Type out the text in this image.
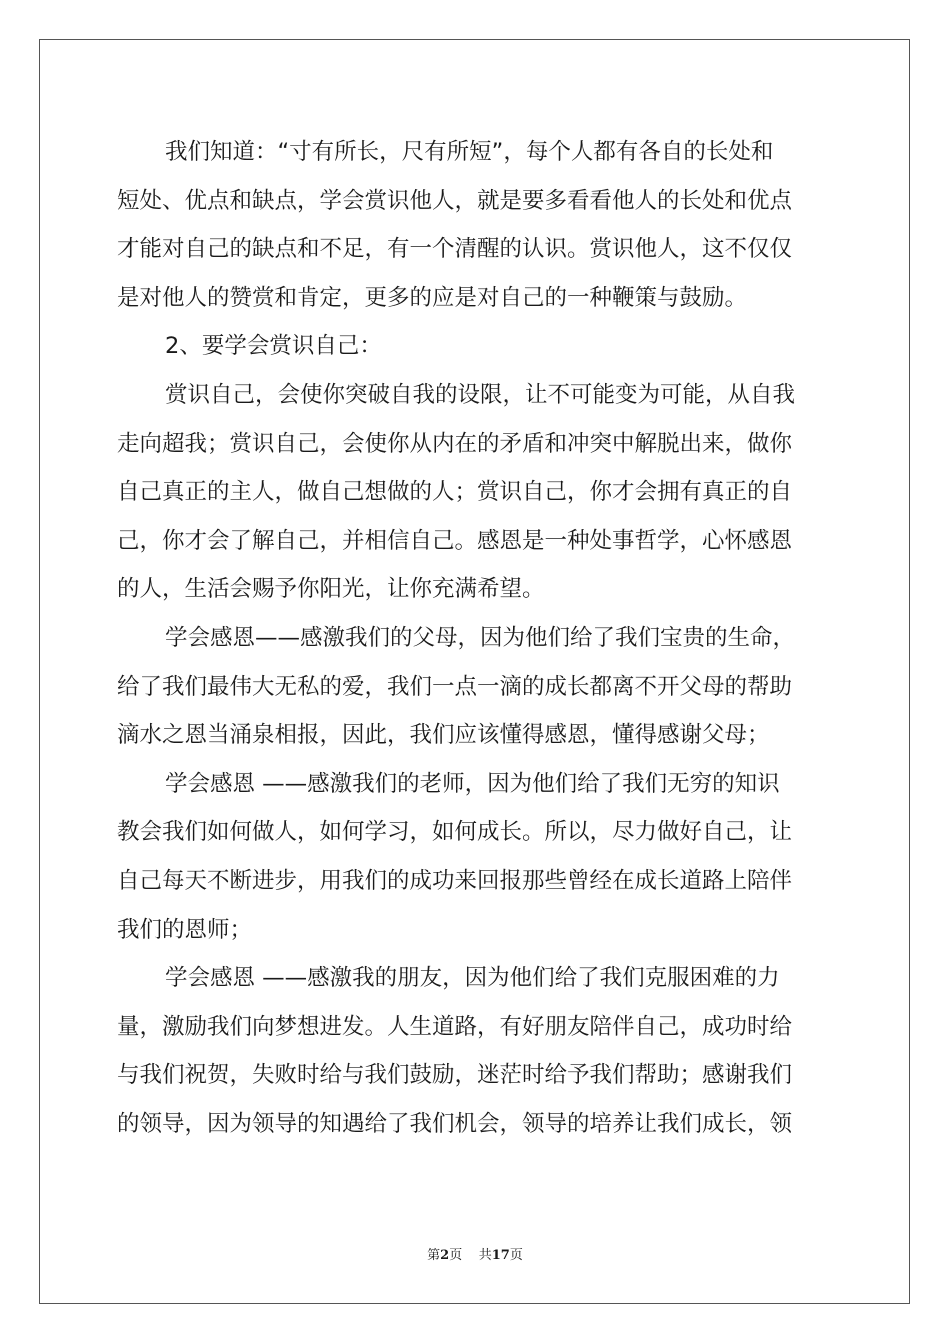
我们知道：“寸有所长，尺有所短”，每个人都有各自的长处和
短处、优点和缺点，学会赏识他人，就是要多看看他人的长处和优点
才能对自己的缺点和不足，有一个清醒的认识。赏识他人，这不仅仅
是对他人的赞赏和肯定，更多的应是对自己的一种鞭策与鼓励。

2、要学会赏识自己：

赏识自己，会使你突破自我的设限，让不可能变为可能，从自我
走向超我；赏识自己，会使你从内在的矛盾和冲突中解脱出来，做你
自己真正的主人，做自己想做的人；赏识自己，你才会拥有真正的自
己，你才会了解自己，并相信自己。感恩是一种处事哲学，心怀感恩
的人，生活会赐予你阳光，让你充满希望。

学会感恩——感激我们的父母，因为他们给了我们宝贵的生命，
给了我们最伟大无私的爱，我们一点一滴的成长都离不开父母的帮助
滴水之恩当涌泉相报，因此，我们应该懂得感恩，懂得感谢父母；

学会感恩 ——感激我们的老师，因为他们给了我们无穷的知识
教会我们如何做人，如何学习，如何成长。所以，尽力做好自己，让
自己每天不断进步，用我们的成功来回报那些曾经在成长道路上陪伴
我们的恩师；

学会感恩 ——感激我的朋友，因为他们给了我们克服困难的力
量，激励我们向梦想进发。人生道路，有好朋友陪伴自己，成功时给
与我们祝贺，失败时给与我们鼓励，迷茫时给予我们帮助；感谢我们
的领导，因为领导的知遇给了我们机会，领导的培养让我们成长，领

第2页    共17页
